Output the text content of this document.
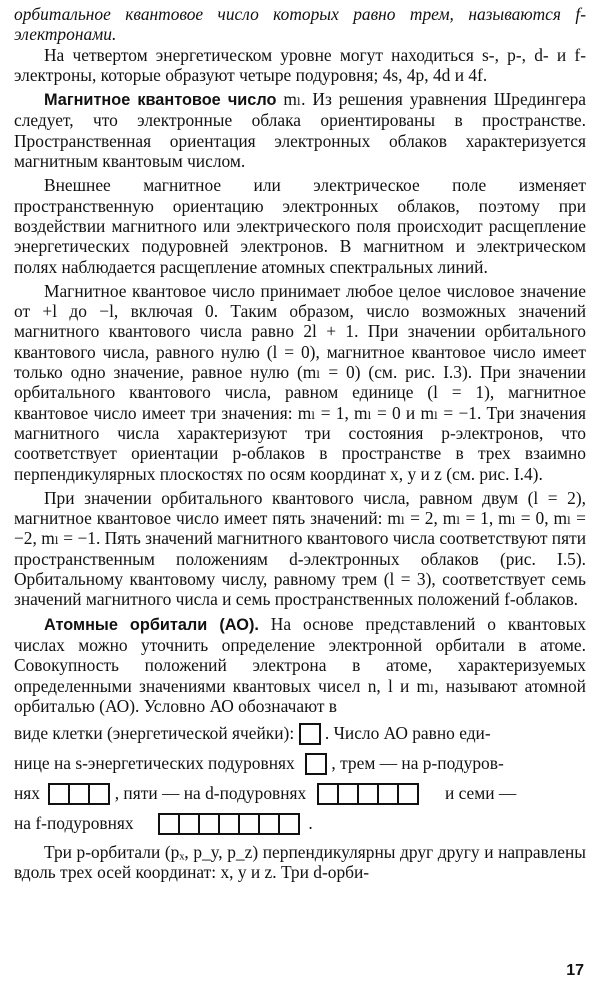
орбитальное квантовое число которых равно трем, называются f-электронами.

На четвертом энергетическом уровне могут находиться s-, p-, d- и f-электроны, которые образуют четыре подуровня; 4s, 4p, 4d и 4f.

Магнитное квантовое число mₗ. Из решения уравнения Шредингера следует, что электронные облака ориентированы в пространстве. Пространственная ориентация электронных облаков характеризуется магнитным квантовым числом.

Внешнее магнитное или электрическое поле изменяет пространственную ориентацию электронных облаков, поэтому при воздействии магнитного или электрического поля происходит расщепление энергетических подуровней электронов. В магнитном и электрическом полях наблюдается расщепление атомных спектральных линий.

Магнитное квантовое число принимает любое целое числовое значение от +l до −l, включая 0. Таким образом, число возможных значений магнитного квантового числа равно 2l + 1. При значении орбитального квантового числа, равного нулю (l = 0), магнитное квантовое число имеет только одно значение, равное нулю (mₗ = 0) (см. рис. I.3). При значении орбитального квантового числа, равном единице (l = 1), магнитное квантовое число имеет три значения: mₗ = 1, mₗ = 0 и mₗ = −1. Три значения магнитного числа характеризуют три состояния p-электронов, что соответствует ориентации p-облаков в пространстве в трех взаимно перпендикулярных плоскостях по осям координат x, y и z (см. рис. I.4).

При значении орбитального квантового числа, равном двум (l = 2), магнитное квантовое число имеет пять значений: mₗ = 2, mₗ = 1, mₗ = 0, mₗ = −2, mₗ = −1. Пять значений магнитного квантового числа соответствуют пяти пространственным положениям d-электронных облаков (рис. I.5). Орбитальному квантовому числу, равному трем (l = 3), соответствует семь значений магнитного числа и семь пространственных положений f-облаков.

Атомные орбитали (АО). На основе представлений о квантовых числах можно уточнить определение электронной орбитали в атоме. Совокупность положений электрона в атоме, характеризуемых определенными значениями квантовых чисел n, l и mₗ, называют атомной орбиталью (АО). Условно АО обозначают в

виде клетки (энергетической ячейки): . Число АО равно еди-
нице на s-энергетических подуровнях , трем — на p-подуров-
нях	, пяти — на d-подуровнях	и семи —
на f-подуровнях	.

Три p-орбитали (pₓ, p_y, p_z) перпендикулярны друг другу и направлены вдоль трех осей координат: x, y и z. Три d-орби-

17
